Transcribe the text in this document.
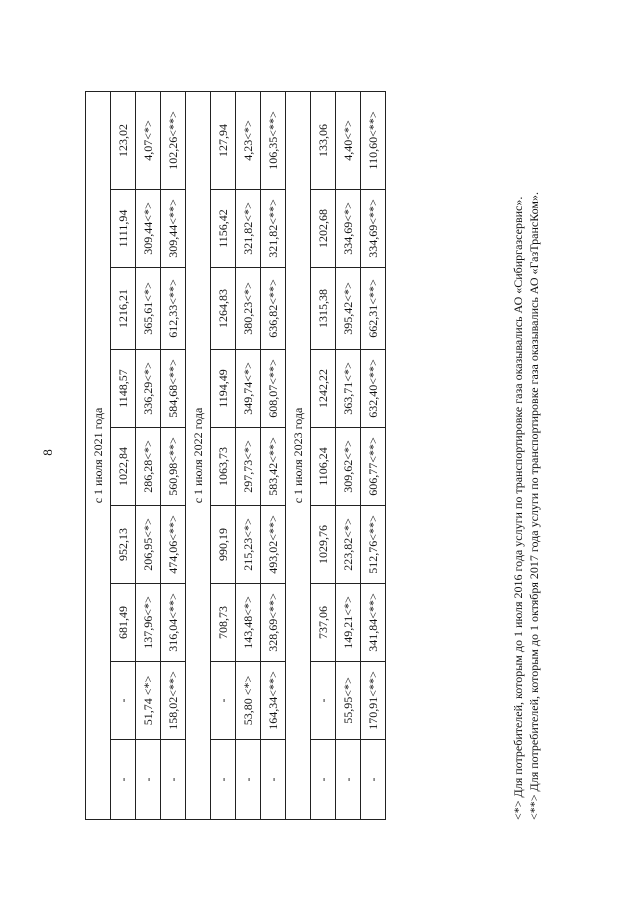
8	с 1 июля 2021 года								
-	-	681,49	952,13	1022,84	1148,57	1216,21	1111,94	123,02
-	51,74 <*>	137,96<*>	206,95<*>	286,28<*>	336,29<*>	365,61<*>	309,44<*>	4,07<*>
-	158,02<**>	316,04<**>	474,06<**>	560,98<**>	584,68<**>	612,33<**>	309,44<**>	102,26<**>
с 1 июля 2022 года								
-	-	708,73	990,19	1063,73	1194,49	1264,83	1156,42	127,94
-	53,80 <*>	143,48<*>	215,23<*>	297,73<*>	349,74<*>	380,23<*>	321,82<*>	4,23<*>
-	164,34<**>	328,69<**>	493,02<**>	583,42<**>	608,07<**>	636,82<**>	321,82<**>	106,35<**>
с 1 июля 2023 года								
-	-	737,06	1029,76	1106,24	1242,22	1315,38	1202,68	133,06
-	55,95<*>	149,21<*>	223,82<*>	309,62<*>	363,71<*>	395,42<*>	334,69<*>	4,40<*>
-	170,91<**>	341,84<**>	512,76<**>	606,77<**>	632,40<**>	662,31<**>	334,69<**>	110,60<**>
<*> Для потребителей, которым до 1 июля 2016 года услуги по транспортировке газа оказывались АО «Сибиргазсервис». <**> Для потребителей, которым до 1 октября 2017 года услуги по транспортировке газа оказывались АО «ГазТрансКом».
